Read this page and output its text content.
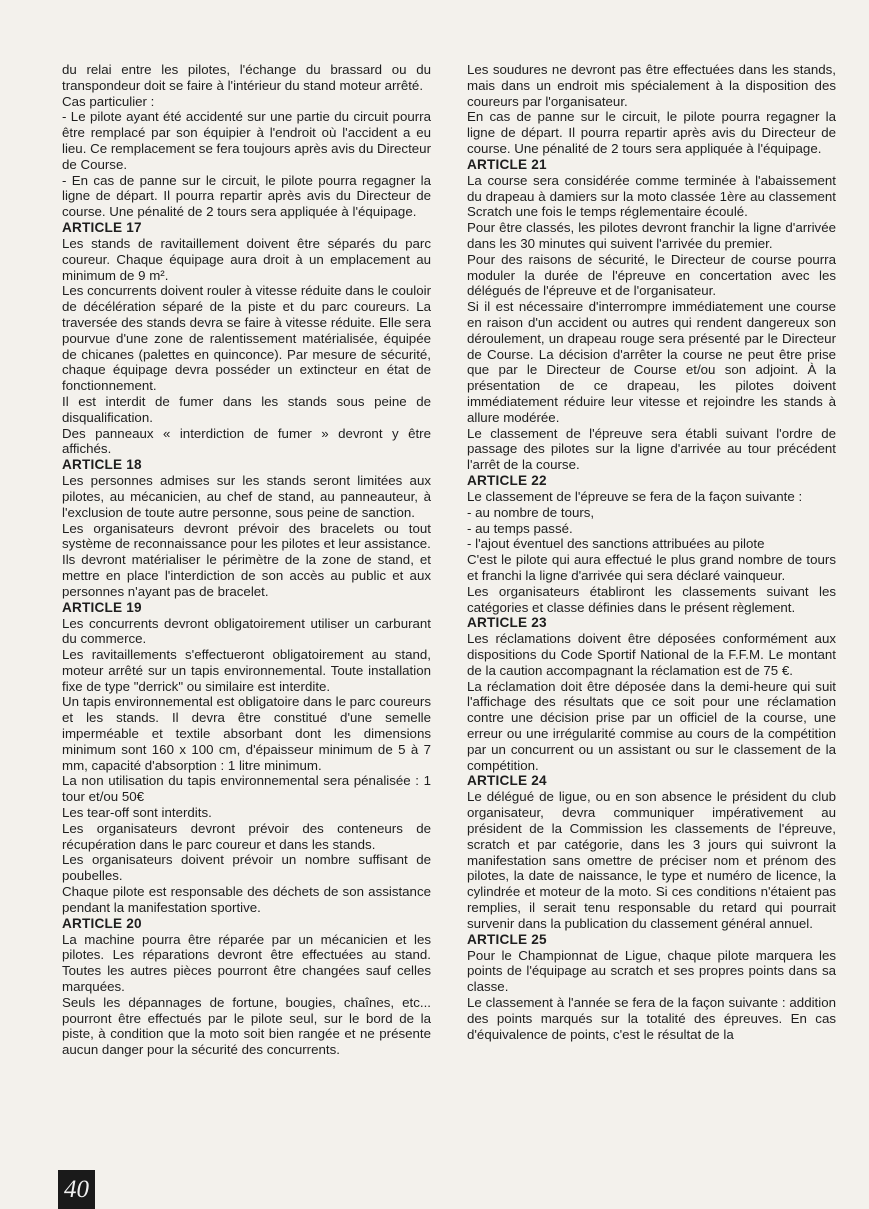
du relai entre les pilotes, l'échange du brassard ou du transpondeur doit se faire à l'intérieur du stand moteur arrêté.

Cas particulier :

- Le pilote ayant été accidenté sur une partie du circuit pourra être remplacé par son équipier à l'endroit où l'accident a eu lieu. Ce remplacement se fera toujours après avis du Directeur de Course.

- En cas de panne sur le circuit, le pilote pourra regagner la ligne de départ. Il pourra repartir après avis du Directeur de course. Une pénalité de 2 tours sera appliquée à l'équipage.

ARTICLE 17

Les stands de ravitaillement doivent être séparés du parc coureur. Chaque équipage aura droit à un emplacement au minimum de 9 m².

Les concurrents doivent rouler à vitesse réduite dans le couloir de décélération séparé de la piste et du parc coureurs. La traversée des stands devra se faire à vitesse réduite. Elle sera pourvue d'une zone de ralentissement matérialisée, équipée de chicanes (palettes en quinconce). Par mesure de sécurité, chaque équipage devra posséder un extincteur en état de fonctionnement.

Il est interdit de fumer dans les stands sous peine de disqualification.

Des panneaux « interdiction de fumer » devront y être affichés.

ARTICLE 18

Les personnes admises sur les stands seront limitées aux pilotes, au mécanicien, au chef de stand, au panneauteur, à l'exclusion de toute autre personne, sous peine de sanction.

Les organisateurs devront prévoir des bracelets ou tout système de reconnaissance pour les pilotes et leur assistance.

Ils devront matérialiser le périmètre de la zone de stand, et mettre en place l'interdiction de son accès au public et aux personnes n'ayant pas de bracelet.

ARTICLE 19

Les concurrents devront obligatoirement utiliser un carburant du commerce.

Les ravitaillements s'effectueront obligatoirement au stand, moteur arrêté sur un tapis environnemental. Toute installation fixe de type "derrick" ou similaire est interdite.

Un tapis environnemental est obligatoire dans le parc coureurs et les stands. Il devra être constitué d'une semelle imperméable et textile absorbant dont les dimensions minimum sont 160 x 100 cm, d'épaisseur minimum de 5 à 7 mm, capacité d'absorption : 1 litre minimum.

La non utilisation du tapis environnemental sera pénalisée : 1 tour et/ou 50€

Les tear-off sont interdits.

Les organisateurs devront prévoir des conteneurs de récupération dans le parc coureur et dans les stands.

Les organisateurs doivent prévoir un nombre suffisant de poubelles.

Chaque pilote est responsable des déchets de son assistance pendant la manifestation sportive.

ARTICLE 20

La machine pourra être réparée par un mécanicien et les pilotes. Les réparations devront être effectuées au stand. Toutes les autres pièces pourront être changées sauf celles marquées.

Seuls les dépannages de fortune, bougies, chaînes, etc... pourront être effectués par le pilote seul, sur le bord de la piste, à condition que la moto soit bien rangée et ne présente aucun danger pour la sécurité des concurrents.

Les soudures ne devront pas être effectuées dans les stands, mais dans un endroit mis spécialement à la disposition des coureurs par l'organisateur.

En cas de panne sur le circuit, le pilote pourra regagner la ligne de départ. Il pourra repartir après avis du Directeur de course. Une pénalité de 2 tours sera appliquée à l'équipage.

ARTICLE 21

La course sera considérée comme terminée à l'abaissement du drapeau à damiers sur la moto classée 1ère au classement Scratch une fois le temps réglementaire écoulé.

Pour être classés, les pilotes devront franchir la ligne d'arrivée dans les 30 minutes qui suivent l'arrivée du premier.

Pour des raisons de sécurité, le Directeur de course pourra moduler la durée de l'épreuve en concertation avec les délégués de l'épreuve et de l'organisateur.

Si il est nécessaire d'interrompre immédiatement une course en raison d'un accident ou autres qui rendent dangereux son déroulement, un drapeau rouge sera présenté par le Directeur de Course. La décision d'arrêter la course ne peut être prise que par le Directeur de Course et/ou son adjoint. À la présentation de ce drapeau, les pilotes doivent immédiatement réduire leur vitesse et rejoindre les stands à allure modérée.

Le classement de l'épreuve sera établi suivant l'ordre de passage des pilotes sur la ligne d'arrivée au tour précédent l'arrêt de la course.

ARTICLE 22

Le classement de l'épreuve se fera de la façon suivante :

- au nombre de tours,

- au temps passé.

- l'ajout éventuel des sanctions attribuées au pilote

C'est le pilote qui aura effectué le plus grand nombre de tours et franchi la ligne d'arrivée qui sera déclaré vainqueur.

Les organisateurs établiront les classements suivant les catégories et classe définies dans le présent règlement.

ARTICLE 23

Les réclamations doivent être déposées conformément aux dispositions du Code Sportif National de la F.F.M. Le montant de la caution accompagnant la réclamation est de 75 €.

La réclamation doit être déposée dans la demi-heure qui suit l'affichage des résultats que ce soit pour une réclamation contre une décision prise par un officiel de la course, une erreur ou une irrégularité commise au cours de la compétition par un concurrent ou un assistant ou sur le classement de la compétition.

ARTICLE 24

Le délégué de ligue, ou en son absence le président du club organisateur, devra communiquer impérativement au président de la Commission les classements de l'épreuve, scratch et par catégorie, dans les 3 jours qui suivront la manifestation sans omettre de préciser nom et prénom des pilotes, la date de naissance, le type et numéro de licence, la cylindrée et moteur de la moto. Si ces conditions n'étaient pas remplies, il serait tenu responsable du retard qui pourrait survenir dans la publication du classement général annuel.

ARTICLE 25

Pour le Championnat de Ligue, chaque pilote marquera les points de l'équipage au scratch et ses propres points dans sa classe.

Le classement à l'année se fera de la façon suivante : addition des points marqués sur la totalité des épreuves. En cas d'équivalence de points, c'est le résultat de la

40
